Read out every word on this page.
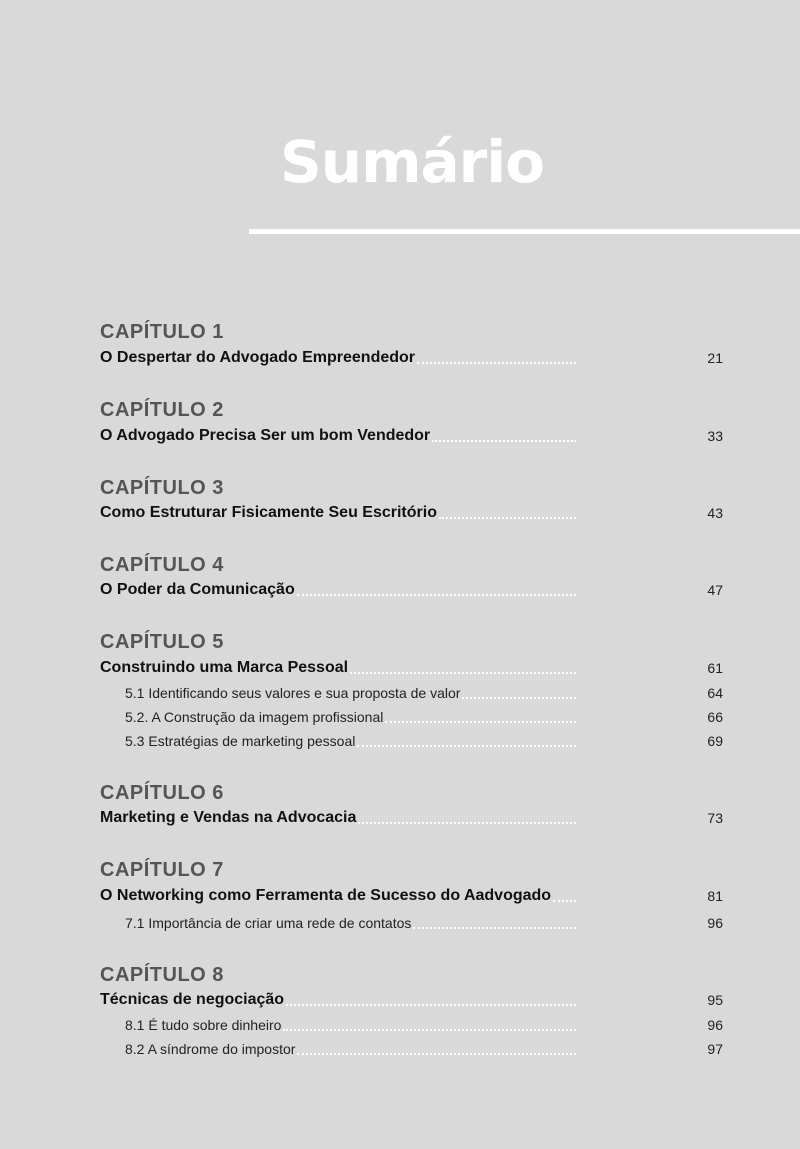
Sumário
CAPÍTULO 1
O Despertar do Advogado Empreendedor	21
CAPÍTULO 2
O Advogado Precisa Ser um bom Vendedor	33
CAPÍTULO 3
Como Estruturar Fisicamente Seu Escritório	43
CAPÍTULO 4
O Poder da Comunicação	47
CAPÍTULO 5
Construindo uma Marca Pessoal	61
5.1 Identificando seus valores e sua proposta de valor	64
5.2. A Construção da imagem profissional	66
5.3 Estratégias de marketing pessoal	69
CAPÍTULO 6
Marketing e Vendas na Advocacia	73
CAPÍTULO 7
O Networking como Ferramenta de Sucesso do Aadvogado	81
7.1 Importância de criar uma rede de contatos	96
CAPÍTULO 8
Técnicas de negociação	95
8.1 É tudo sobre dinheiro	96
8.2 A síndrome do impostor	97
